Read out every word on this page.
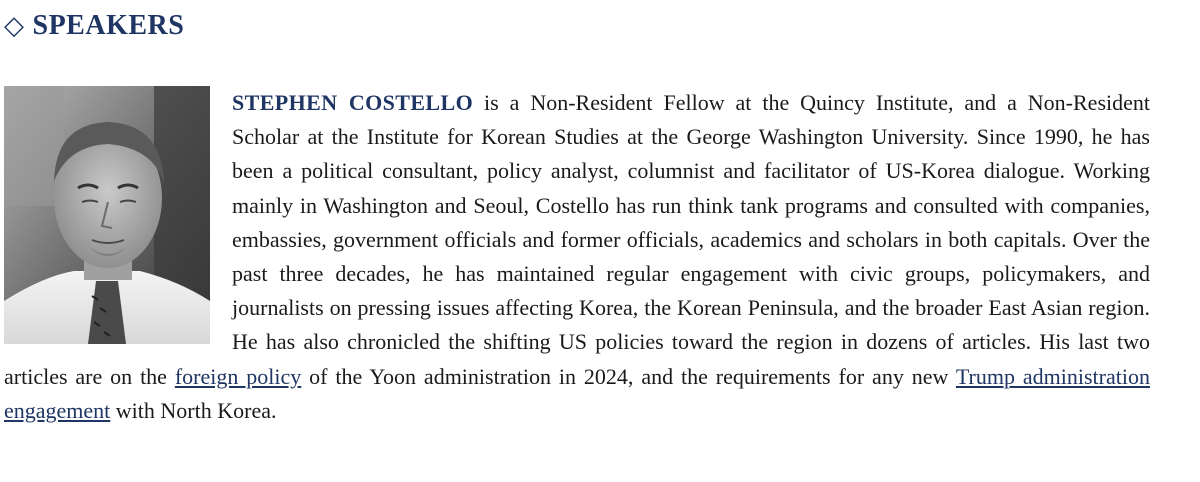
◇ SPEAKERS

STEPHEN COSTELLO is a Non-Resident Fellow at the Quincy Institute, and a Non-Resident Scholar at the Institute for Korean Studies at the George Washington University. Since 1990, he has been a political consultant, policy analyst, columnist and facilitator of US-Korea dialogue. Working mainly in Washington and Seoul, Costello has run think tank programs and consulted with companies, embassies, government officials and former officials, academics and scholars in both capitals. Over the past three decades, he has maintained regular engagement with civic groups, policymakers, and journalists on pressing issues affecting Korea, the Korean Peninsula, and the broader East Asian region. He has also chronicled the shifting US policies toward the region in dozens of articles. His last two articles are on the foreign policy of the Yoon administration in 2024, and the requirements for any new Trump administration engagement with North Korea.
